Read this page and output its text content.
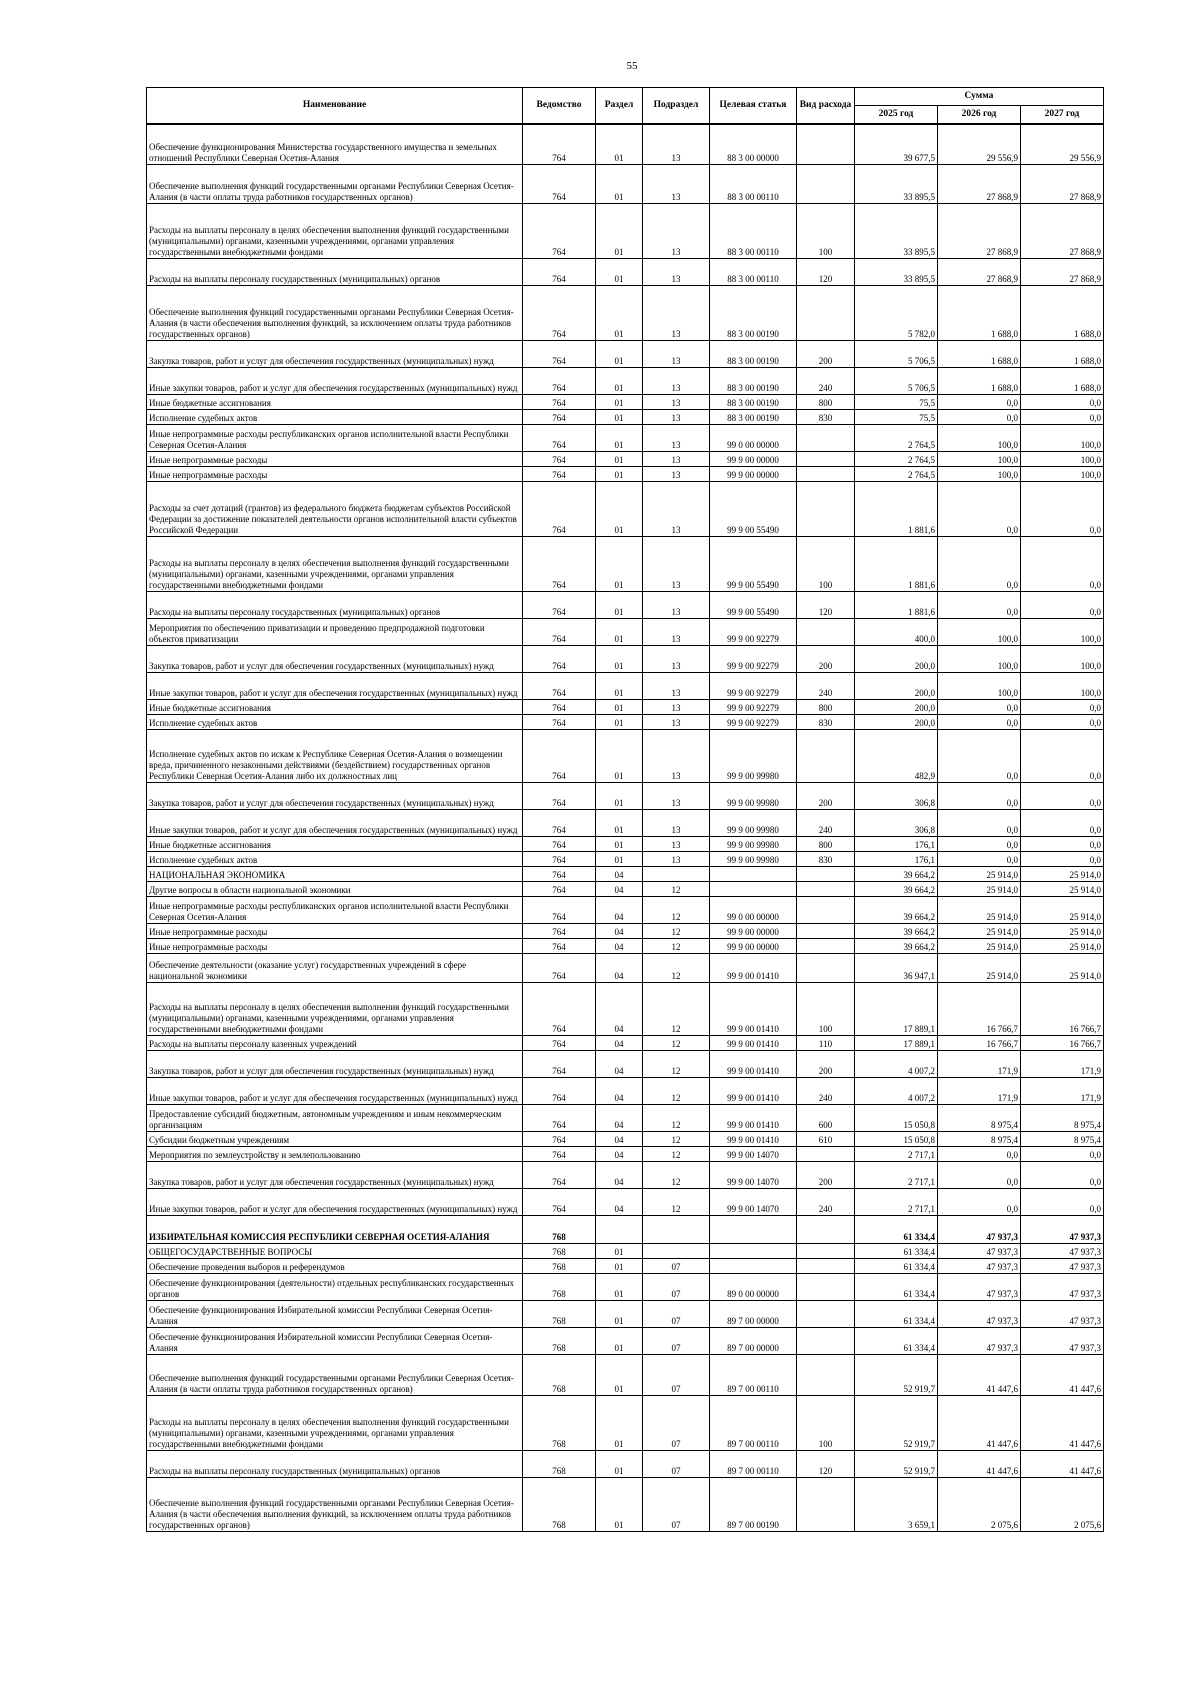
55
Наименование	Ведомство	Раздел	Подраздел	Целевая статья	Вид расхода	Сумма		
						2025 год	2026 год	2027 год
Обеспечение функционирования Министерства государственного имущества и земельных отношений Республики Северная Осетия-Алания	764	01	13	88 3 00 00000		39 677,5	29 556,9	29 556,9
Обеспечение выполнения функций государственными органами Республики Северная Осетия-Алания (в части оплаты труда работников государственных органов)	764	01	13	88 3 00 00110		33 895,5	27 868,9	27 868,9
Расходы на выплаты персоналу в целях обеспечения выполнения функций государственными (муниципальными) органами, казенными учреждениями, органами управления государственными внебюджетными фондами	764	01	13	88 3 00 00110	100	33 895,5	27 868,9	27 868,9
Расходы на выплаты персоналу государственных (муниципальных) органов	764	01	13	88 3 00 00110	120	33 895,5	27 868,9	27 868,9
Обеспечение выполнения функций государственными органами Республики Северная Осетия-Алания (в части обеспечения выполнения функций, за исключением оплаты труда работников государственных органов)	764	01	13	88 3 00 00190		5 782,0	1 688,0	1 688,0
Закупка товаров, работ и услуг для обеспечения государственных (муниципальных) нужд	764	01	13	88 3 00 00190	200	5 706,5	1 688,0	1 688,0
Иные закупки товаров, работ и услуг для обеспечения государственных (муниципальных) нужд	764	01	13	88 3 00 00190	240	5 706,5	1 688,0	1 688,0
Иные бюджетные ассигнования	764	01	13	88 3 00 00190	800	75,5	0,0	0,0
Исполнение судебных актов	764	01	13	88 3 00 00190	830	75,5	0,0	0,0
Иные непрограммные расходы республиканских органов исполнительной власти Республики Северная Осетия-Алания	764	01	13	99 0 00 00000		2 764,5	100,0	100,0
Иные непрограммные расходы	764	01	13	99 9 00 00000		2 764,5	100,0	100,0
Иные непрограммные расходы	764	01	13	99 9 00 00000		2 764,5	100,0	100,0
Расходы за счет дотаций (грантов) из федерального бюджета бюджетам субъектов Российской Федерации за достижение показателей деятельности органов исполнительной власти субъектов Российской Федерации	764	01	13	99 9 00 55490		1 881,6	0,0	0,0
Расходы на выплаты персоналу в целях обеспечения выполнения функций государственными (муниципальными) органами, казенными учреждениями, органами управления государственными внебюджетными фондами	764	01	13	99 9 00 55490	100	1 881,6	0,0	0,0
Расходы на выплаты персоналу государственных (муниципальных) органов	764	01	13	99 9 00 55490	120	1 881,6	0,0	0,0
Мероприятия по обеспечению приватизации и проведению предпродажной подготовки объектов приватизации	764	01	13	99 9 00 92279		400,0	100,0	100,0
Закупка товаров, работ и услуг для обеспечения государственных (муниципальных) нужд	764	01	13	99 9 00 92279	200	200,0	100,0	100,0
Иные закупки товаров, работ и услуг для обеспечения государственных (муниципальных) нужд	764	01	13	99 9 00 92279	240	200,0	100,0	100,0
Иные бюджетные ассигнования	764	01	13	99 9 00 92279	800	200,0	0,0	0,0
Исполнение судебных актов	764	01	13	99 9 00 92279	830	200,0	0,0	0,0
Исполнение судебных актов по искам к Республике Северная Осетия-Алания о возмещении вреда, причиненного незаконными действиями (бездействием) государственных органов Республики Северная Осетия-Алания либо их должностных лиц	764	01	13	99 9 00 99980		482,9	0,0	0,0
Закупка товаров, работ и услуг для обеспечения государственных (муниципальных) нужд	764	01	13	99 9 00 99980	200	306,8	0,0	0,0
Иные закупки товаров, работ и услуг для обеспечения государственных (муниципальных) нужд	764	01	13	99 9 00 99980	240	306,8	0,0	0,0
Иные бюджетные ассигнования	764	01	13	99 9 00 99980	800	176,1	0,0	0,0
Исполнение судебных актов	764	01	13	99 9 00 99980	830	176,1	0,0	0,0
НАЦИОНАЛЬНАЯ ЭКОНОМИКА	764	04				39 664,2	25 914,0	25 914,0
Другие вопросы в области национальной экономики	764	04	12			39 664,2	25 914,0	25 914,0
Иные непрограммные расходы республиканских органов исполнительной власти Республики Северная Осетия-Алания	764	04	12	99 0 00 00000		39 664,2	25 914,0	25 914,0
Иные непрограммные расходы	764	04	12	99 9 00 00000		39 664,2	25 914,0	25 914,0
Иные непрограммные расходы	764	04	12	99 9 00 00000		39 664,2	25 914,0	25 914,0
Обеспечение деятельности (оказание услуг) государственных учреждений в сфере национальной экономики	764	04	12	99 9 00 01410		36 947,1	25 914,0	25 914,0
Расходы на выплаты персоналу в целях обеспечения выполнения функций государственными (муниципальными) органами, казенными учреждениями, органами управления государственными внебюджетными фондами	764	04	12	99 9 00 01410	100	17 889,1	16 766,7	16 766,7
Расходы на выплаты персоналу казенных учреждений	764	04	12	99 9 00 01410	110	17 889,1	16 766,7	16 766,7
Закупка товаров, работ и услуг для обеспечения государственных (муниципальных) нужд	764	04	12	99 9 00 01410	200	4 007,2	171,9	171,9
Иные закупки товаров, работ и услуг для обеспечения государственных (муниципальных) нужд	764	04	12	99 9 00 01410	240	4 007,2	171,9	171,9
Предоставление субсидий бюджетным, автономным учреждениям и иным некоммерческим организациям	764	04	12	99 9 00 01410	600	15 050,8	8 975,4	8 975,4
Субсидии бюджетным учреждениям	764	04	12	99 9 00 01410	610	15 050,8	8 975,4	8 975,4
Мероприятия по землеустройству и землепользованию	764	04	12	99 9 00 14070		2 717,1	0,0	0,0
Закупка товаров, работ и услуг для обеспечения государственных (муниципальных) нужд	764	04	12	99 9 00 14070	200	2 717,1	0,0	0,0
Иные закупки товаров, работ и услуг для обеспечения государственных (муниципальных) нужд	764	04	12	99 9 00 14070	240	2 717,1	0,0	0,0
ИЗБИРАТЕЛЬНАЯ КОМИССИЯ РЕСПУБЛИКИ СЕВЕРНАЯ ОСЕТИЯ-АЛАНИЯ	768					61 334,4	47 937,3	47 937,3
ОБЩЕГОСУДАРСТВЕННЫЕ ВОПРОСЫ	768	01				61 334,4	47 937,3	47 937,3
Обеспечение проведения выборов и референдумов	768	01	07			61 334,4	47 937,3	47 937,3
Обеспечение функционирования (деятельности) отдельных республиканских государственных органов	768	01	07	89 0 00 00000		61 334,4	47 937,3	47 937,3
Обеспечение функционирования Избирательной комиссии Республики Северная Осетия-Алания	768	01	07	89 7 00 00000		61 334,4	47 937,3	47 937,3
Обеспечение функционирования Избирательной комиссии Республики Северная Осетия-Алания	768	01	07	89 7 00 00000		61 334,4	47 937,3	47 937,3
Обеспечение выполнения функций государственными органами Республики Северная Осетия-Алания (в части оплаты труда работников государственных органов)	768	01	07	89 7 00 00110		52 919,7	41 447,6	41 447,6
Расходы на выплаты персоналу в целях обеспечения выполнения функций государственными (муниципальными) органами, казенными учреждениями, органами управления государственными внебюджетными фондами	768	01	07	89 7 00 00110	100	52 919,7	41 447,6	41 447,6
Расходы на выплаты персоналу государственных (муниципальных) органов	768	01	07	89 7 00 00110	120	52 919,7	41 447,6	41 447,6
Обеспечение выполнения функций государственными органами Республики Северная Осетия-Алания (в части обеспечения выполнения функций, за исключением оплаты труда работников государственных органов)	768	01	07	89 7 00 00190		3 659,1	2 075,6	2 075,6
